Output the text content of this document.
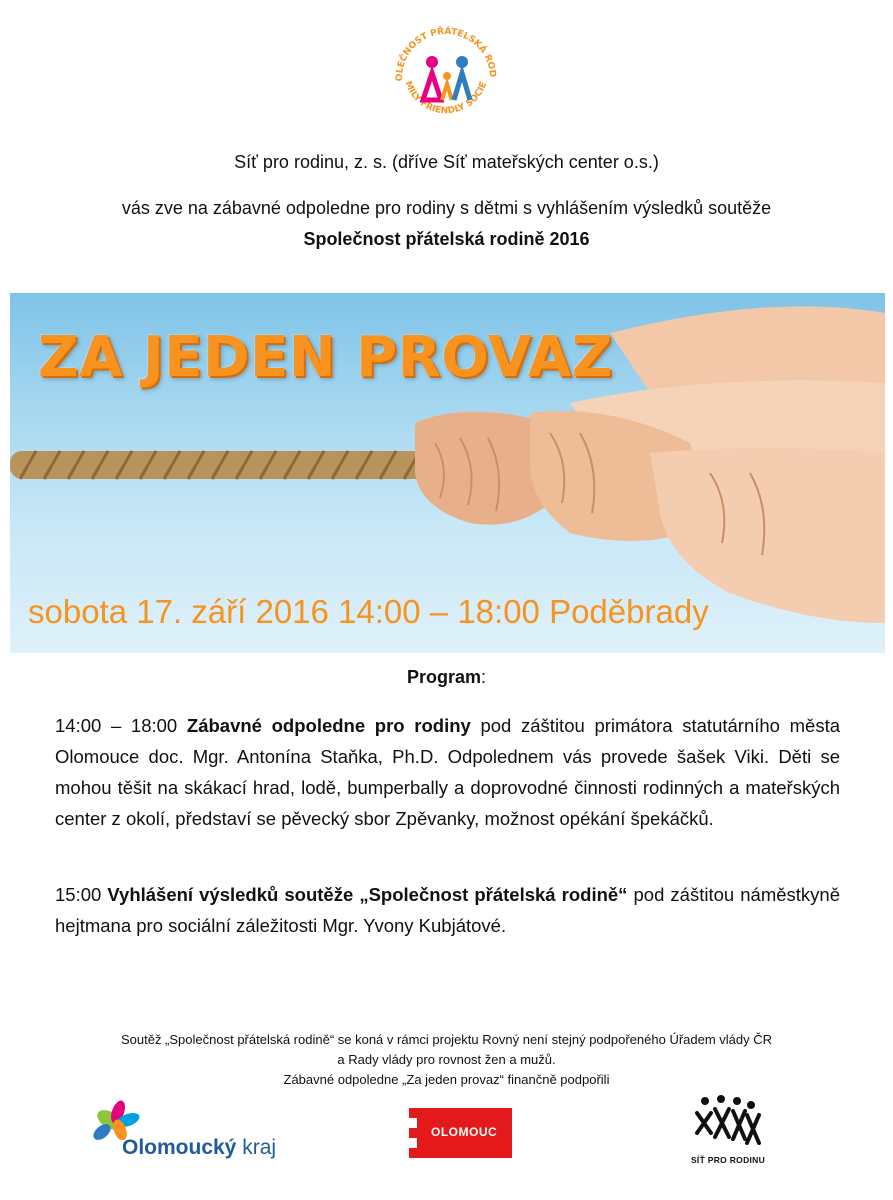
OLEČNOST PŘÁTELSKÁ ROD
MILY FRIENDLY SOCIE
Síť pro rodinu, z. s. (dříve Síť mateřských center o.s.)
vás zve na zábavné odpoledne pro rodiny s dětmi s vyhlášením výsledků soutěže
Společnost přátelská rodině 2016
ZA JEDEN PROVAZ
sobota 17. září 2016 14:00 – 18:00 Poděbrady
Program:
14:00 – 18:00 Zábavné odpoledne pro rodiny pod záštitou primátora statutárního města Olomouce doc. Mgr. Antonína Staňka, Ph.D. Odpolednem vás provede šašek Viki. Děti se mohou těšit na skákací hrad, lodě, bumperbally a doprovodné činnosti rodinných a mateřských center z okolí, představí se pěvecký sbor Zpěvanky, možnost opékání špekáčků.
15:00 Vyhlášení výsledků soutěže „Společnost přátelská rodině“ pod záštitou náměstkyně hejtmana pro sociální záležitosti Mgr. Yvony Kubjátové.
Soutěž „Společnost přátelská rodině“ se koná v rámci projektu Rovný není stejný podpořeného Úřadem vlády ČR
a Rady vlády pro rovnost žen a mužů.
Zábavné odpoledne „Za jeden provaz“ finančně podpořili
Olomoucký kraj
OLOMOUC
SÍŤ PRO RODINU
